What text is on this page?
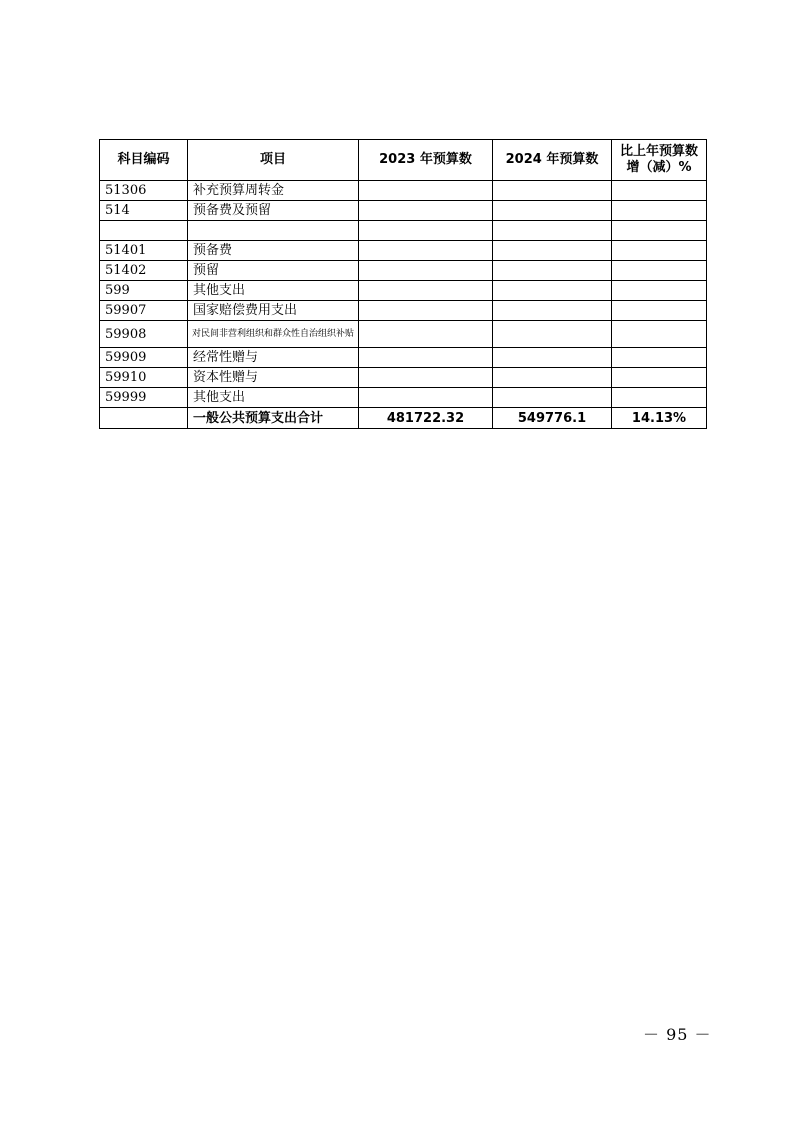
科目编码	项目	2023 年预算数	2024 年预算数	比上年预算数增（减）%
51306	补充预算周转金			
514	预备费及预留			

51401	预备费			
51402	预留			
599	其他支出			
59907	国家赔偿费用支出			
59908	对民间非营利组织和群众性自治组织补贴			
59909	经常性赠与			
59910	资本性赠与			
59999	其他支出			
	一般公共预算支出合计	481722.32	549776.1	14.13%
－ 95 －
